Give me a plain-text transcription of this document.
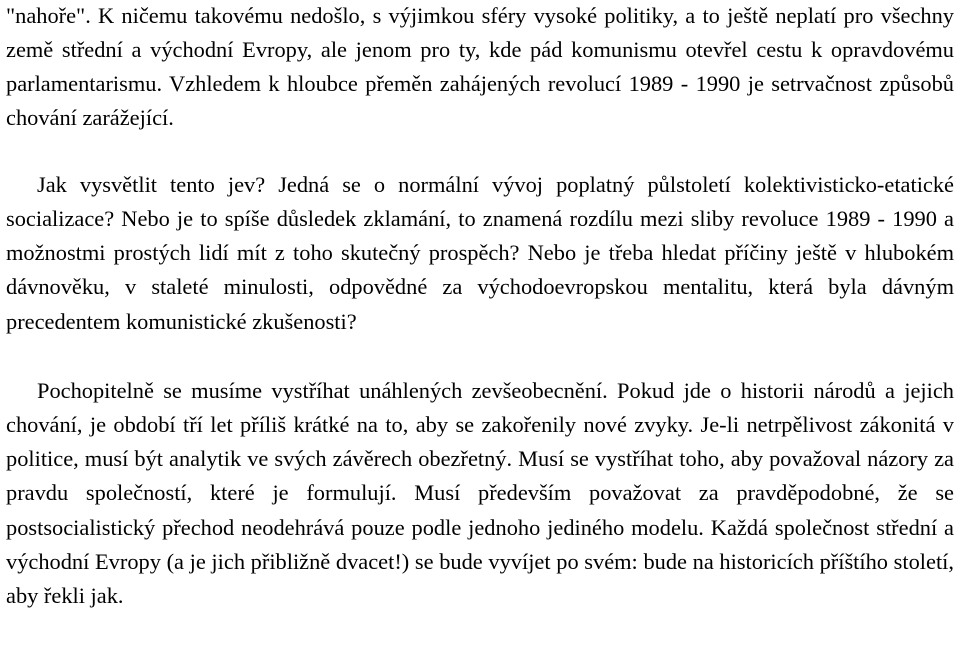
"nahoře". K ničemu takovému nedošlo, s výjimkou sféry vysoké politiky, a to ještě neplatí pro všechny země střední a východní Evropy, ale jenom pro ty, kde pád komunismu otevřel cestu k opravdovému parlamentarismu. Vzhledem k hloubce přeměn zahájených revolucí 1989 - 1990 je setrvačnost způsobů chování zarážející.

Jak vysvětlit tento jev? Jedná se o normální vývoj poplatný půlstoletí kolektivisticko-etatické socializace? Nebo je to spíše důsledek zklamání, to znamená rozdílu mezi sliby revoluce 1989 - 1990 a možnostmi prostých lidí mít z toho skutečný prospěch? Nebo je třeba hledat příčiny ještě v hlubokém dávnověku, v staleté minulosti, odpovědné za východoevropskou mentalitu, která byla dávným precedentem komunistické zkušenosti?

Pochopitelně se musíme vystříhat unáhlených zevšeobecnění. Pokud jde o historii národů a jejich chování, je období tří let příliš krátké na to, aby se zakořenily nové zvyky. Je-li netrpělivost zákonitá v politice, musí být analytik ve svých závěrech obezřetný. Musí se vystříhat toho, aby považoval názory za pravdu společností, které je formulují. Musí především považovat za pravděpodobné, že se postsocialistický přechod neodehrává pouze podle jednoho jediného modelu. Každá společnost střední a východní Evropy (a je jich přibližně dvacet!) se bude vyvíjet po svém: bude na historicích příštího století, aby řekli jak.
